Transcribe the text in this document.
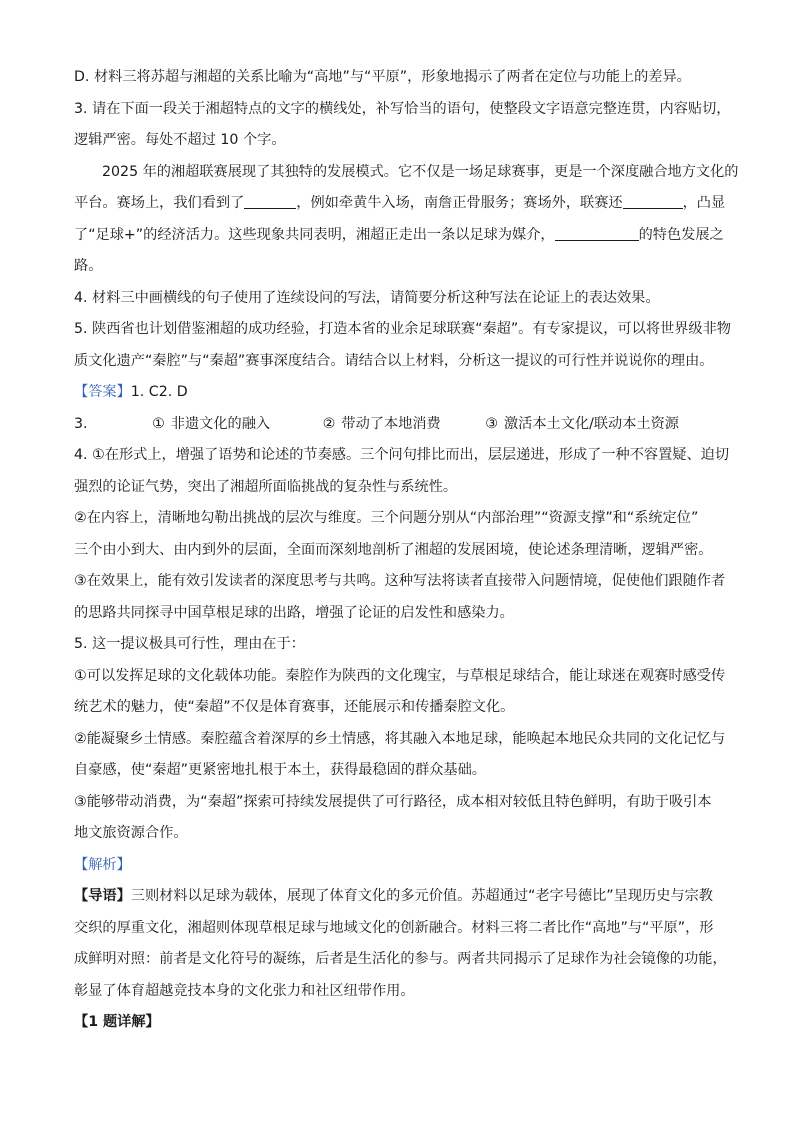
D. 材料三将苏超与湘超的关系比喻为“高地”与“平原”，形象地揭示了两者在定位与功能上的差异。
3. 请在下面一段关于湘超特点的文字的横线处，补写恰当的语句，使整段文字语意完整连贯，内容贴切，
逻辑严密。每处不超过 10 个字。
2025 年的湘超联赛展现了其独特的发展模式。它不仅是一场足球赛事，更是一个深度融合地方文化的
平台。赛场上，我们看到了	，例如牵黄牛入场，南詹正骨服务；赛场外，联赛还	，凸显
了“足球+”的经济活力。这些现象共同表明，湘超正走出一条以足球为媒介，	的特色发展之
路。
4. 材料三中画横线的句子使用了连续设问的写法，请简要分析这种写法在论证上的表达效果。
5. 陕西省也计划借鉴湘超的成功经验，打造本省的业余足球联赛“秦超”。有专家提议，可以将世界级非物
质文化遗产“秦腔”与“秦超”赛事深度结合。请结合以上材料，分析这一提议的可行性并说说你的理由。
【答案】1. C2. D
3.	① 非遗文化的融入	② 带动了本地消费	③ 激活本土文化/联动本土资源
4. ①在形式上，增强了语势和论述的节奏感。三个问句排比而出，层层递进，形成了一种不容置疑、迫切
强烈的论证气势，突出了湘超所面临挑战的复杂性与系统性。
②在内容上，清晰地勾勒出挑战的层次与维度。三个问题分别从“内部治理”“资源支撑”和“系统定位”
三个由小到大、由内到外的层面，全面而深刻地剖析了湘超的发展困境，使论述条理清晰，逻辑严密。
③在效果上，能有效引发读者的深度思考与共鸣。这种写法将读者直接带入问题情境，促使他们跟随作者
的思路共同探寻中国草根足球的出路，增强了论证的启发性和感染力。
5. 这一提议极具可行性，理由在于：
①可以发挥足球的文化载体功能。秦腔作为陕西的文化瑰宝，与草根足球结合，能让球迷在观赛时感受传
统艺术的魅力，使“秦超”不仅是体育赛事，还能展示和传播秦腔文化。
②能凝聚乡土情感。秦腔蕴含着深厚的乡土情感，将其融入本地足球，能唤起本地民众共同的文化记忆与
自豪感，使“秦超”更紧密地扎根于本土，获得最稳固的群众基础。
③能够带动消费，为“秦超”探索可持续发展提供了可行路径，成本相对较低且特色鲜明，有助于吸引本
地文旅资源合作。
【解析】
【导语】三则材料以足球为载体，展现了体育文化的多元价值。苏超通过“老字号德比”呈现历史与宗教
交织的厚重文化，湘超则体现草根足球与地域文化的创新融合。材料三将二者比作“高地”与“平原”，形
成鲜明对照：前者是文化符号的凝练，后者是生活化的参与。两者共同揭示了足球作为社会镜像的功能，
彰显了体育超越竞技本身的文化张力和社区纽带作用。
【1 题详解】
